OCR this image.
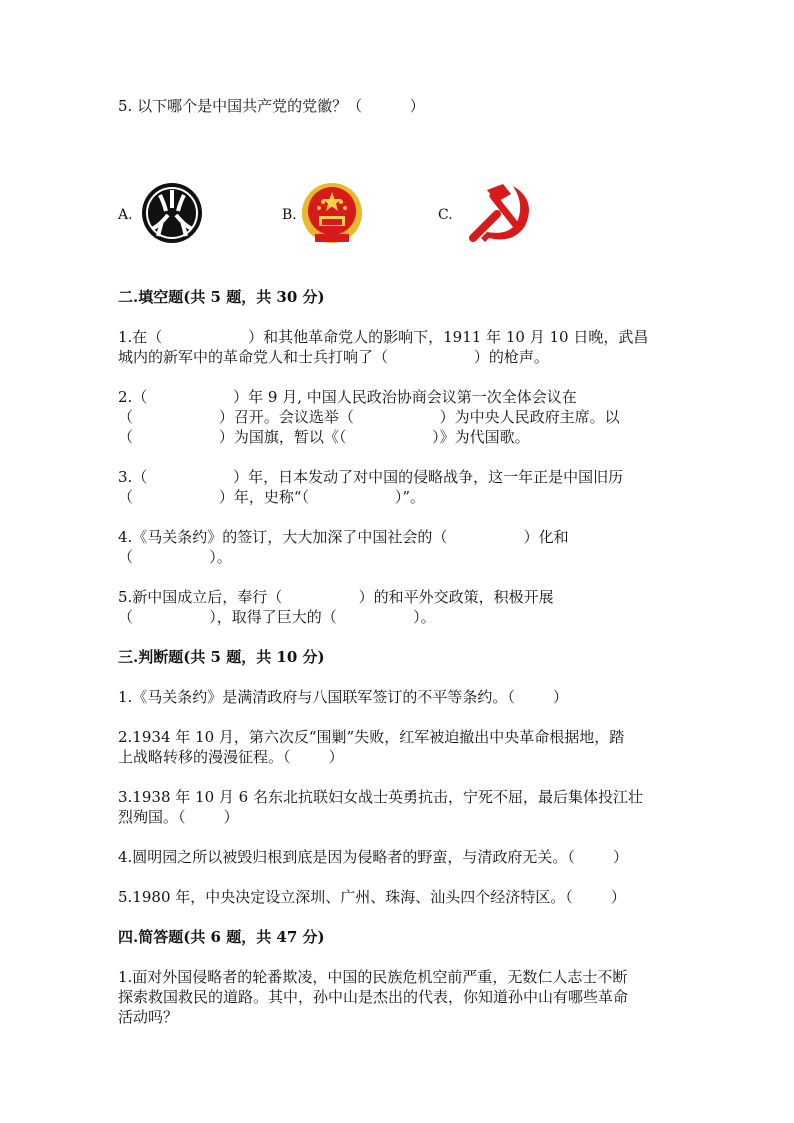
5. 以下哪个是中国共产党的党徽？（          ）
A.	B.	C.
二.填空题(共 5 题，共 30 分)
1.在（                  ）和其他革命党人的影响下，1911 年 10 月 10 日晚，武昌
城内的新军中的革命党人和士兵打响了（                  ）的枪声。
2.（                  ）年 9 月, 中国人民政治协商会议第一次全体会议在
（                  ）召开。会议选举（                  ）为中央人民政府主席。以
（                  ）为国旗，暂以《（                  ）》为代国歌。
3.（                  ）年，日本发动了对中国的侵略战争，这一年正是中国旧历
（                  ）年，史称“（                  ）”。
4.《马关条约》的签订，大大加深了中国社会的（                ）化和
（                ）。
5.新中国成立后，奉行（                ）的和平外交政策，积极开展
（                ），取得了巨大的（                ）。
三.判断题(共 5 题，共 10 分)
1.《马关条约》是满清政府与八国联军签订的不平等条约。（        ）
2.1934 年 10 月，第六次反“围剿”失败，红军被迫撤出中央革命根据地，踏
上战略转移的漫漫征程。（        ）
3.1938 年 10 月 6 名东北抗联妇女战士英勇抗击，宁死不屈，最后集体投江壮
烈殉国。（        ）
4.圆明园之所以被毁归根到底是因为侵略者的野蛮，与清政府无关。（        ）
5.1980 年，中央决定设立深圳、广州、珠海、汕头四个经济特区。（        ）
四.简答题(共 6 题，共 47 分)
1.面对外国侵略者的轮番欺凌，中国的民族危机空前严重，无数仁人志士不断
探索救国救民的道路。其中，孙中山是杰出的代表，你知道孙中山有哪些革命
活动吗？
